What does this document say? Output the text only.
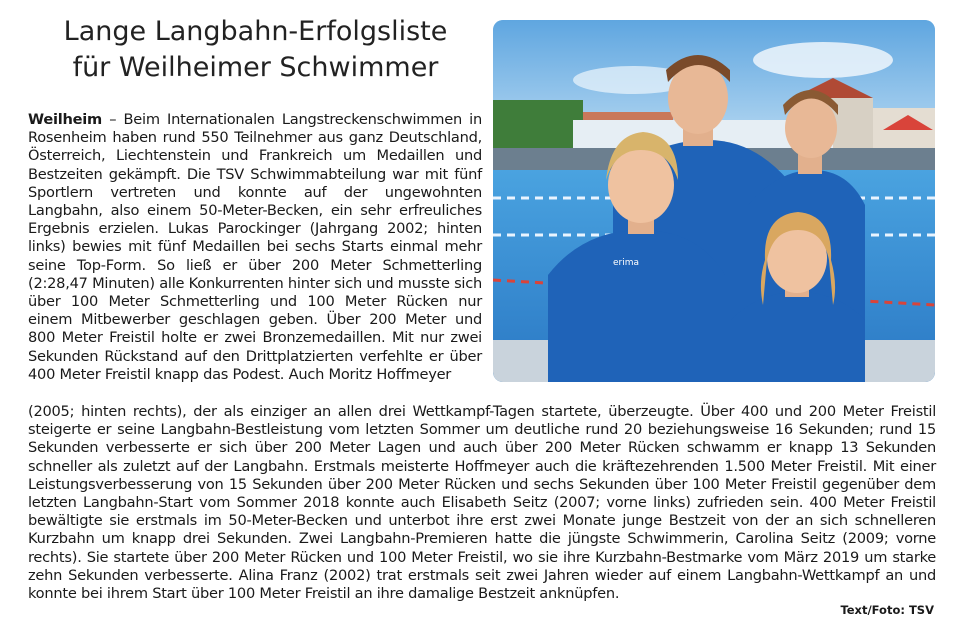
Lange Langbahn-Erfolgsliste
für Weilheimer Schwimmer
erima

Weilheim – Beim Internationalen Langstreckenschwimmen in Rosenheim haben rund 550 Teilnehmer aus ganz Deutschland, Österreich, Liechtenstein und Frankreich um Medaillen und Bestzeiten gekämpft. Die TSV Schwimmabteilung war mit fünf Sportlern vertreten und konnte auf der ungewohnten Langbahn, also einem 50-Meter-Becken, ein sehr erfreuliches Ergebnis erzielen. Lukas Parockinger (Jahrgang 2002; hinten links) bewies mit fünf Medaillen bei sechs Starts einmal mehr seine Top-Form. So ließ er über 200 Meter Schmetterling (2:28,47 Minuten) alle Konkurrenten hinter sich und musste sich über 100 Meter Schmetterling und 100 Meter Rücken nur einem Mitbewerber geschlagen geben. Über 200 Meter und 800 Meter Freistil holte er zwei Bronzemedaillen. Mit nur zwei Sekunden Rückstand auf den Drittplatzierten verfehlte er über 400 Meter Freistil knapp das Podest. Auch Moritz Hoffmeyer

(2005; hinten rechts), der als einziger an allen drei Wettkampf-Tagen startete, überzeugte. Über 400 und 200 Meter Freistil steigerte er seine Langbahn-Bestleistung vom letzten Sommer um deutliche rund 20 beziehungsweise 16 Sekunden; rund 15 Sekunden verbesserte er sich über 200 Meter Lagen und auch über 200 Meter Rücken schwamm er knapp 13 Sekunden schneller als zuletzt auf der Langbahn. Erstmals meisterte Hoffmeyer auch die kräftezehrenden 1.500 Meter Freistil. Mit einer Leistungsverbesserung von 15 Sekunden über 200 Meter Rücken und sechs Sekunden über 100 Meter Freistil gegenüber dem letzten Langbahn-Start vom Sommer 2018 konnte auch Elisabeth Seitz (2007; vorne links) zufrieden sein. 400 Meter Freistil bewältigte sie erstmals im 50-Meter-Becken und unterbot ihre erst zwei Monate junge Bestzeit von der an sich schnelleren Kurzbahn um knapp drei Sekunden. Zwei Langbahn-Premieren hatte die jüngste Schwimmerin, Carolina Seitz (2009; vorne rechts). Sie startete über 200 Meter Rücken und 100 Meter Freistil, wo sie ihre Kurzbahn-Bestmarke vom März 2019 um starke zehn Sekunden verbesserte. Alina Franz (2002) trat erstmals seit zwei Jahren wieder auf einem Langbahn-Wettkampf an und konnte bei ihrem Start über 100 Meter Freistil an ihre damalige Bestzeit anknüpfen.

Text/Foto: TSV
